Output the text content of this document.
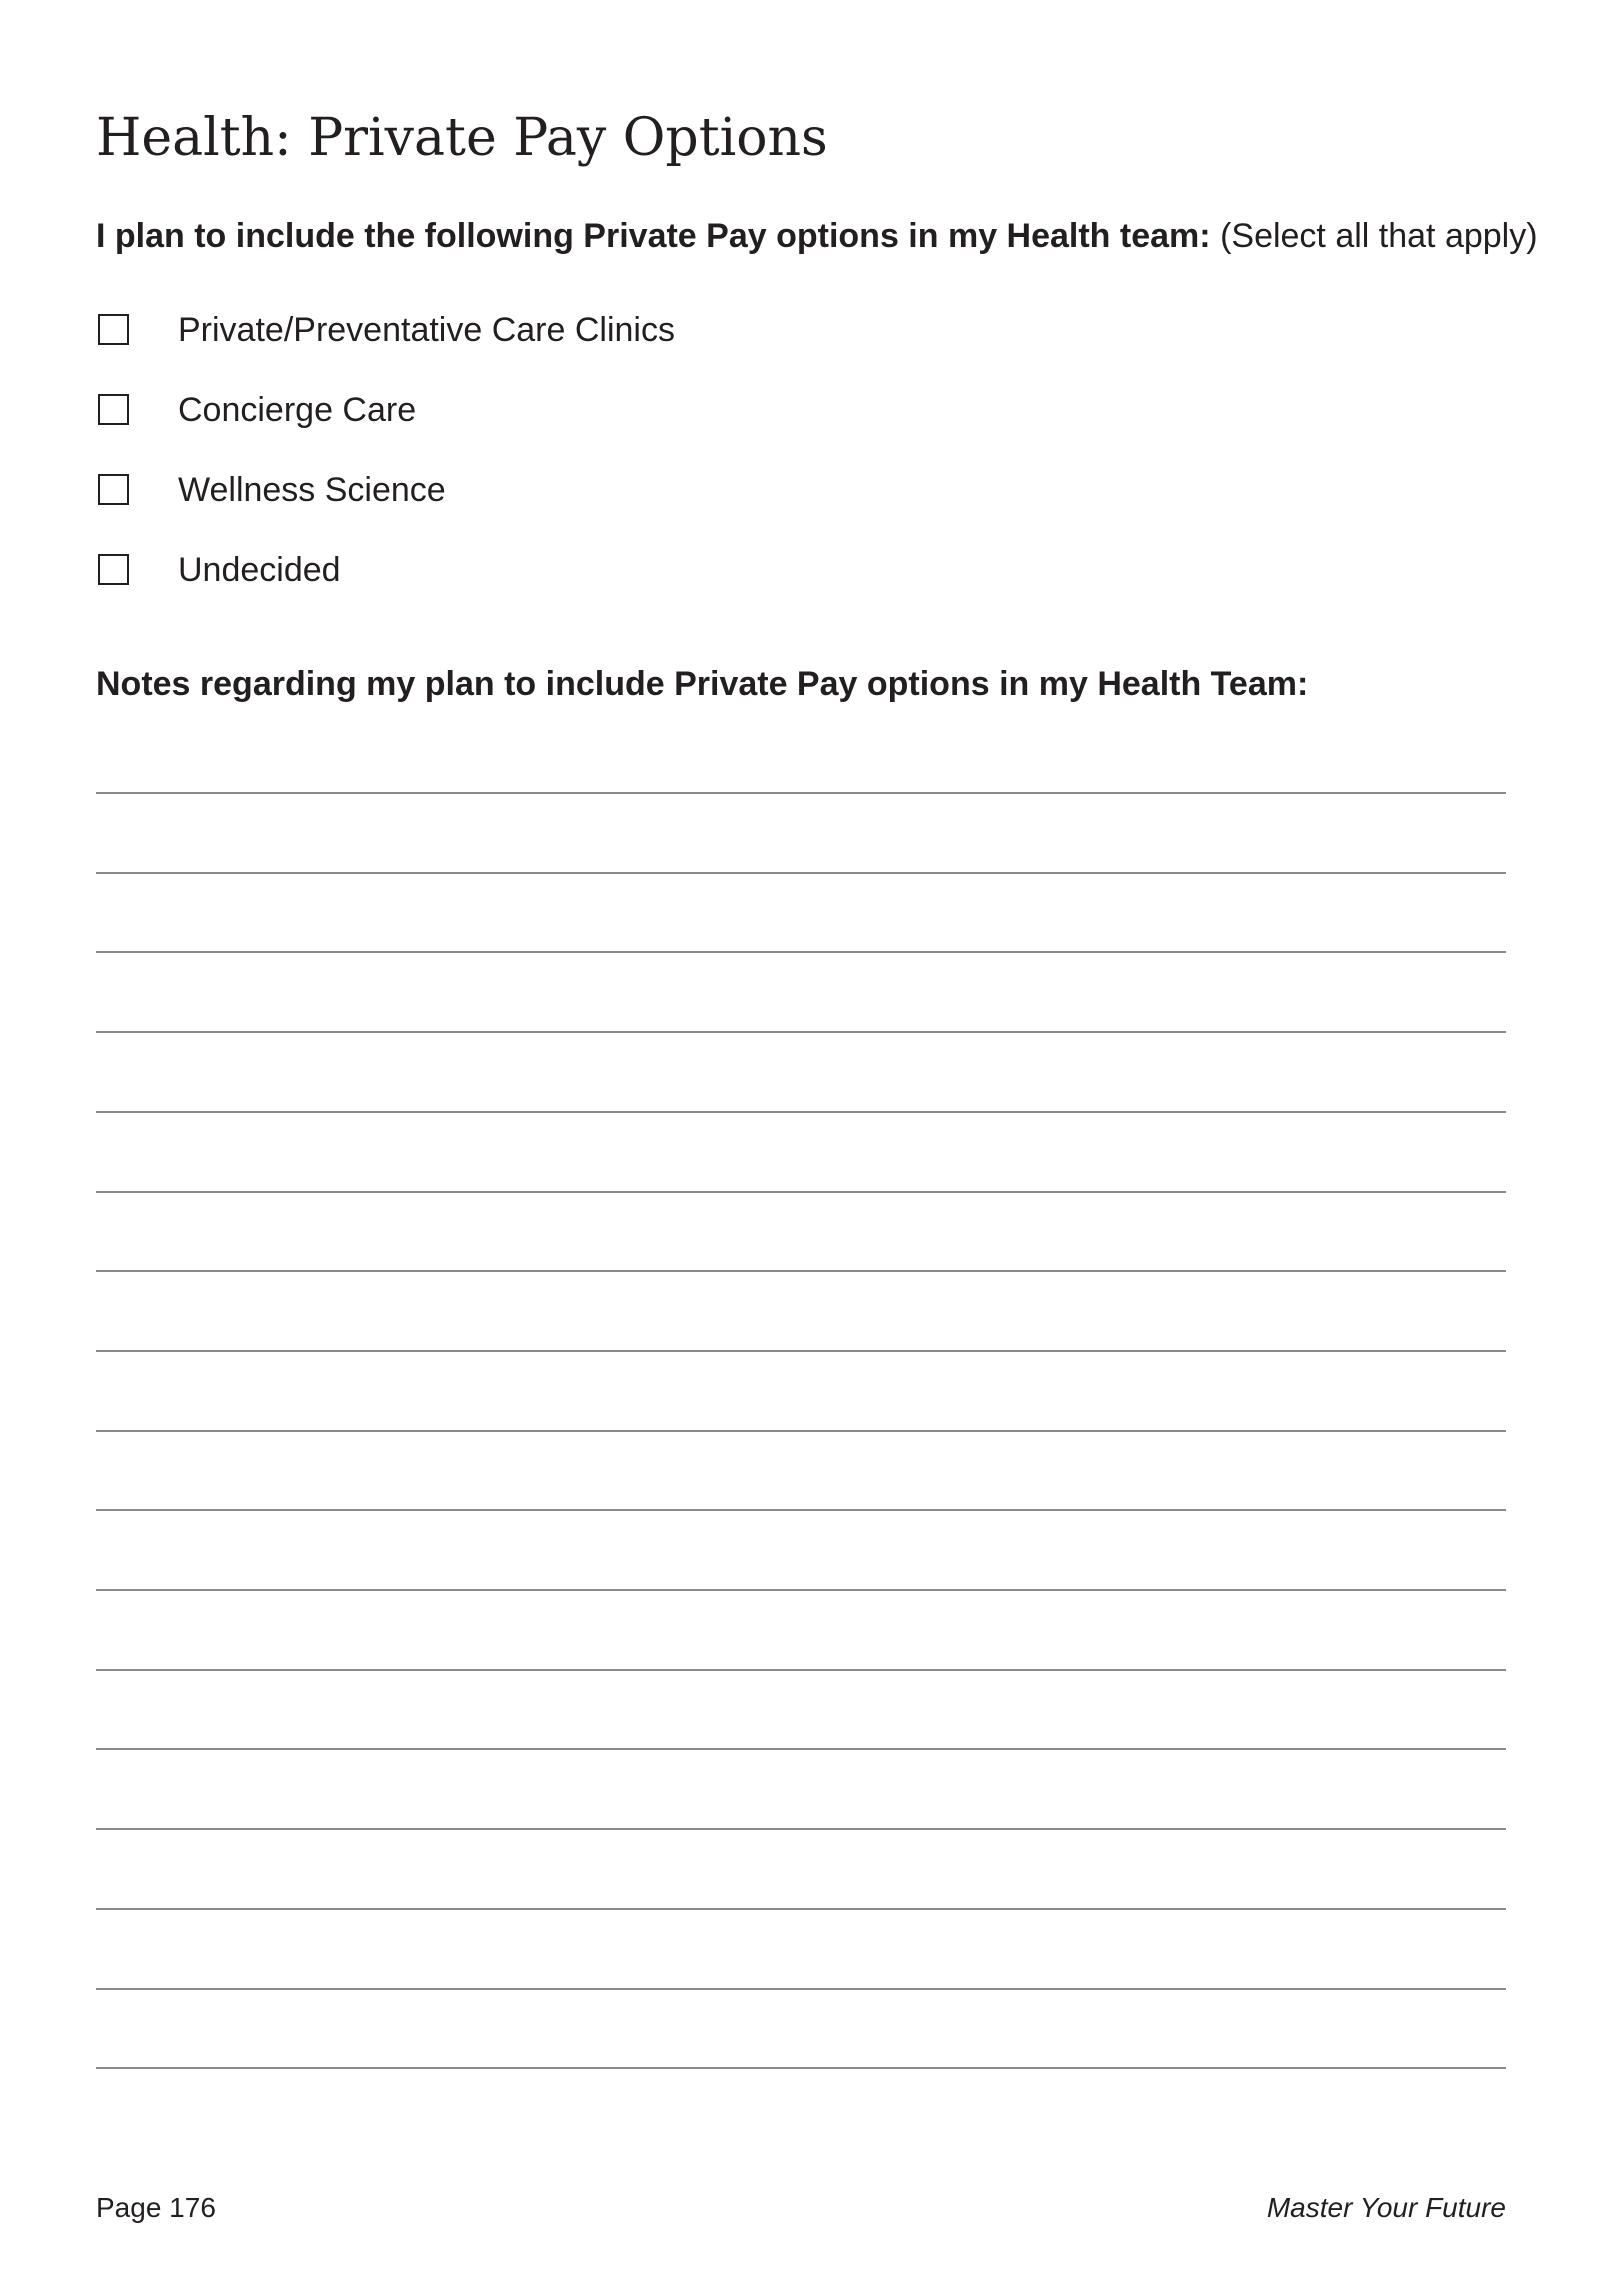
Health: Private Pay Options

I plan to include the following Private Pay options in my Health team: (Select all that apply)

Private/Preventative Care Clinics
Concierge Care
Wellness Science
Undecided
Notes regarding my plan to include Private Pay options in my Health Team:
Page 176	Master Your Future
